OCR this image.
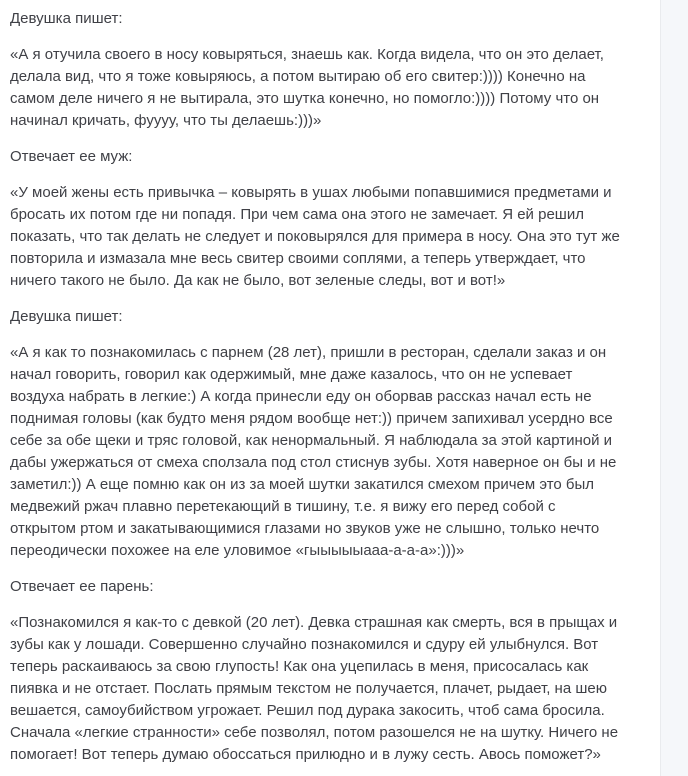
Девушка пишет:

«А я отучила своего в носу ковыряться, знаешь как. Когда видела, что он это делает,
делала вид, что я тоже ковыряюсь, а потом вытираю об его свитер:)))) Конечно на
самом деле ничего я не вытирала, это шутка конечно, но помогло:)))) Потому что он
начинал кричать, фуууу, что ты делаешь:)))»

Отвечает ее муж:

«У моей жены есть привычка – ковырять в ушах любыми попавшимися предметами и
бросать их потом где ни попадя. При чем сама она этого не замечает. Я ей решил
показать, что так делать не следует и поковырялся для примера в носу. Она это тут же
повторила и измазала мне весь свитер своими соплями, а теперь утверждает, что
ничего такого не было. Да как не было, вот зеленые следы, вот и вот!»

Девушка пишет:

«А я как то познакомилась с парнем (28 лет), пришли в ресторан, сделали заказ и он
начал говорить, говорил как одержимый, мне даже казалось, что он не успевает
воздуха набрать в легкие:) А когда принесли еду он оборвав рассказ начал есть не
поднимая головы (как будто меня рядом вообще нет:)) причем запихивал усердно все
себе за обе щеки и тряс головой, как ненормальный. Я наблюдала за этой картиной и
дабы ужержаться от смеха сползала под стол стиснув зубы. Хотя наверное он бы и не
заметил:)) А еще помню как он из за моей шутки закатился смехом причем это был
медвежий ржач плавно перетекающий в тишину, т.е. я вижу его перед собой с
открытом ртом и закатывающимися глазами но звуков уже не слышно, только нечто
переодически похожее на еле уловимое «гыыыыыааа-а-а-а»:)))»

Отвечает ее парень:

«Познакомился я как-то с девкой (20 лет). Девка страшная как смерть, вся в прыщах и
зубы как у лошади. Совершенно случайно познакомился и сдуру ей улыбнулся. Вот
теперь раскаиваюсь за свою глупость! Как она уцепилась в меня, присосалась как
пиявка и не отстает. Послать прямым текстом не получается, плачет, рыдает, на шею
вешается, самоубийством угрожает. Решил под дурака закосить, чтоб сама бросила.
Сначала «легкие странности» себе позволял, потом разошелся не на шутку. Ничего не
помогает! Вот теперь думаю обоссаться прилюдно и в лужу сесть. Авось поможет?»
